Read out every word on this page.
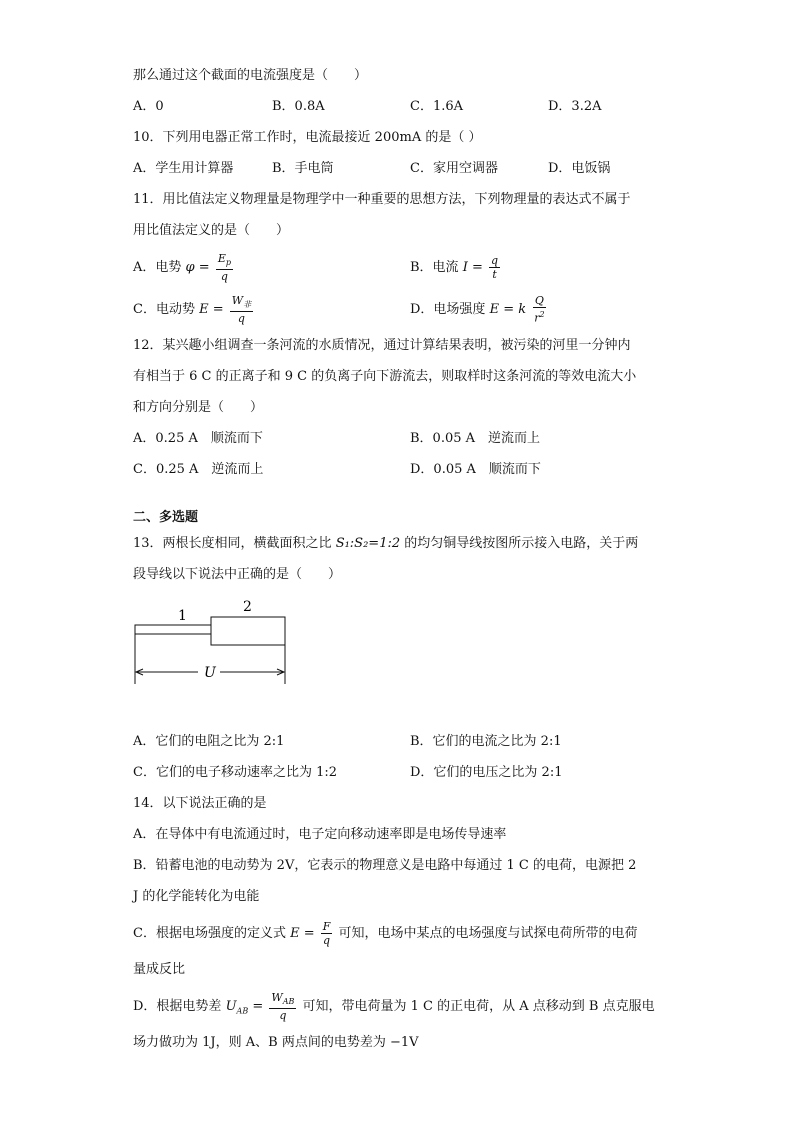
那么通过这个截面的电流强度是（　　）
A．0	B．0.8A	C．1.6A	D．3.2A
10．下列用电器正常工作时，电流最接近 200mA 的是（ ）
A．学生用计算器	B．手电筒	C．家用空调器	D．电饭锅
11．用比值法定义物理量是物理学中一种重要的思想方法，下列物理量的表达式不属于
用比值法定义的是（　　）
A．电势 $\varphi = \frac{E_p}{q}$	B．电流 $I = \frac{q}{t}$
C．电动势 $E = \frac{W_非}{q}$	D．电场强度 E = k $\frac{Q}{r^2}$
12．某兴趣小组调查一条河流的水质情况，通过计算结果表明，被污染的河里一分钟内
有相当于 6 C 的正离子和 9 C 的负离子向下游流去，则取样时这条河流的等效电流大小
和方向分别是（　　）
A．0.25 A　顺流而下	B．0.05 A　逆流而上
C．0.25 A　逆流而上	D．0.05 A　顺流而下
二、多选题
13．两根长度相同，横截面积之比 S₁:S₂=1:2 的均匀铜导线按图所示接入电路，关于两
段导线以下说法中正确的是（　　）
1
2
U
A．它们的电阻之比为 2:1	B．它们的电流之比为 2:1
C．它们的电子移动速率之比为 1:2	D．它们的电压之比为 2:1
14．以下说法正确的是
A．在导体中有电流通过时，电子定向移动速率即是电场传导速率
B．铅蓄电池的电动势为 2V，它表示的物理意义是电路中每通过 1 C 的电荷，电源把 2
J 的化学能转化为电能
C．根据电场强度的定义式 $E = \frac{F}{q}$ 可知，电场中某点的电场强度与试探电荷所带的电荷
量成反比
D．根据电势差 $U_{AB} = \frac{W_{AB}}{q}$ 可知，带电荷量为 1 C 的正电荷，从 A 点移动到 B 点克服电
场力做功为 1J，则 A、B 两点间的电势差为 −1V
